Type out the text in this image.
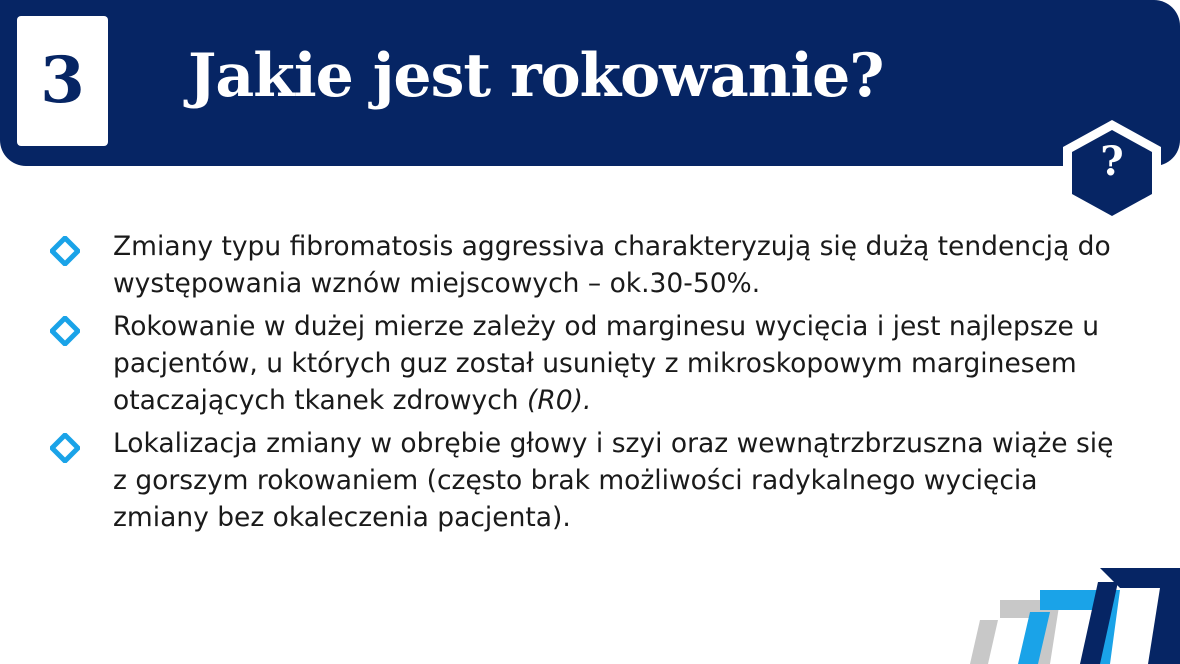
3 Jakie jest rokowanie?
?
Zmiany typu fibromatosis aggressiva charakteryzują się dużą tendencją do występowania wznów miejscowych – ok.30-50%.
Rokowanie w dużej mierze zależy od marginesu wycięcia i jest najlepsze u pacjentów, u których guz został usunięty z mikroskopowym marginesem otaczających tkanek zdrowych (R0).
Lokalizacja zmiany w obrębie głowy i szyi oraz wewnątrzbrzuszna wiąże się z gorszym rokowaniem (często brak możliwości radykalnego wycięcia zmiany bez okaleczenia pacjenta).
